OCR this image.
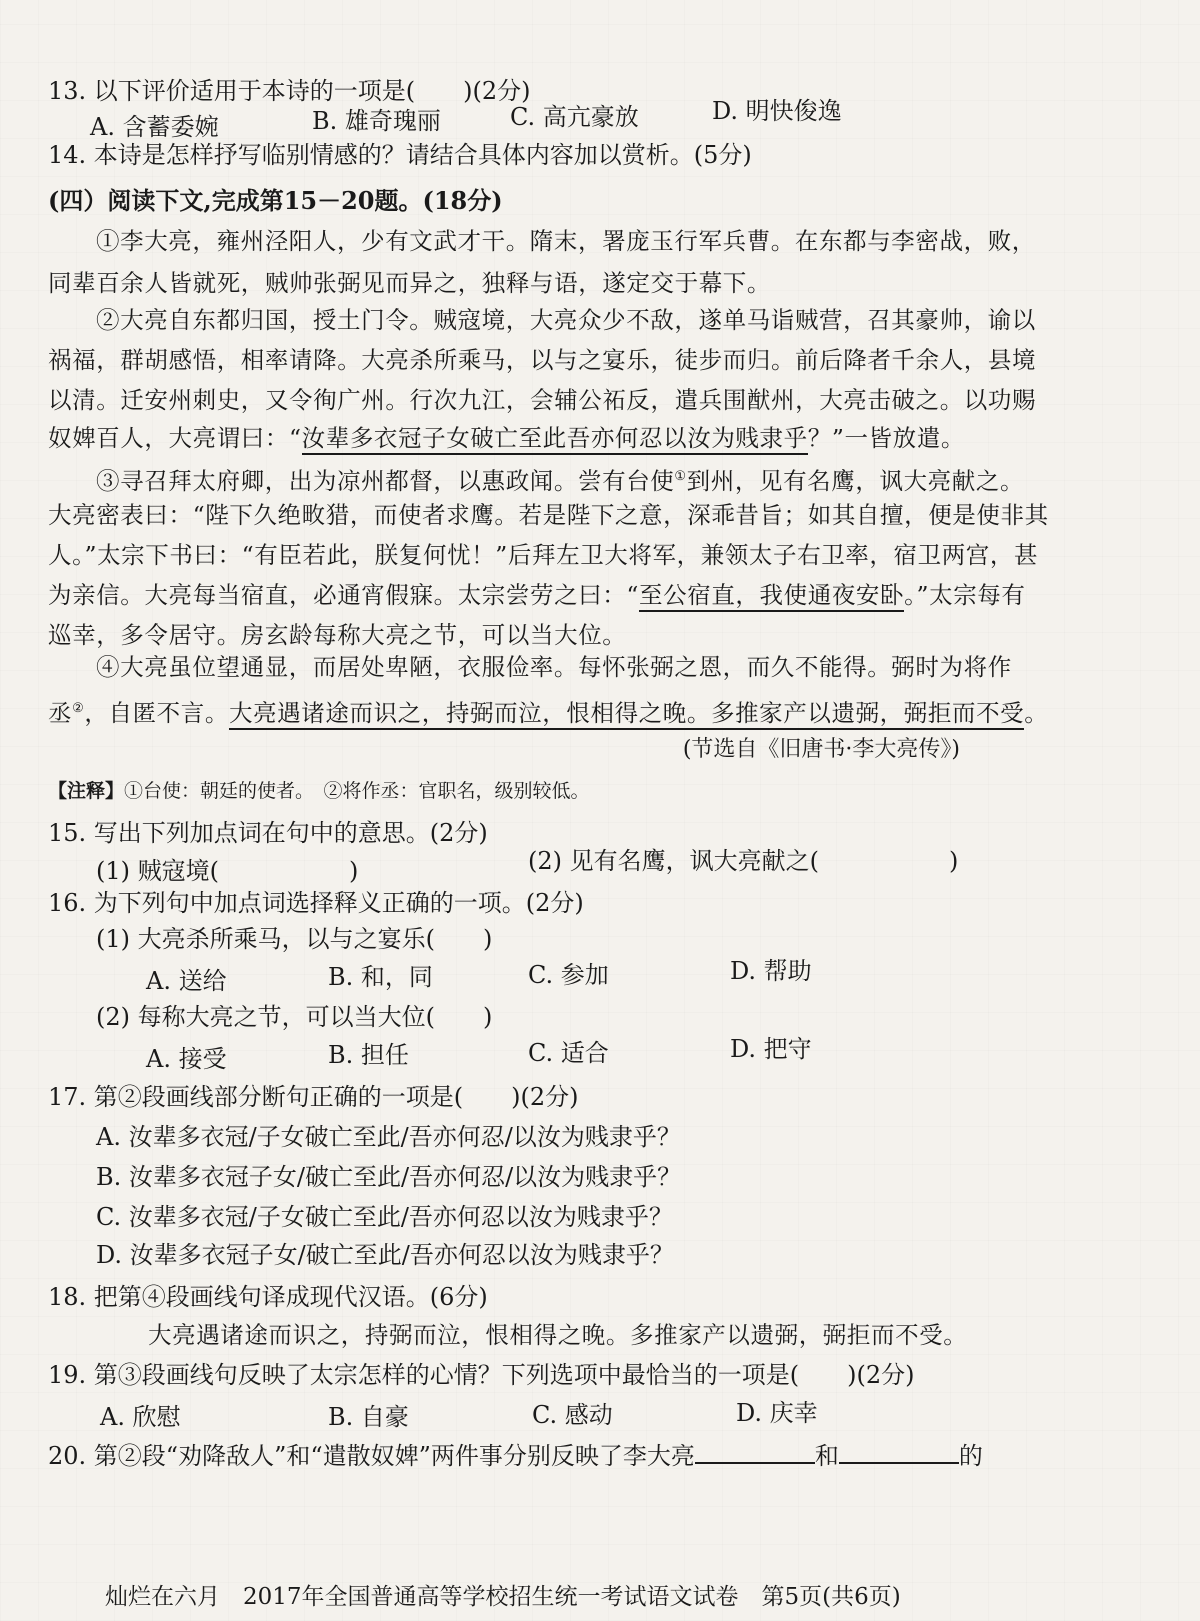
13. 以下评价适用于本诗的一项是(　　)(2分)
A. 含蓄委婉	B. 雄奇瑰丽	C. 高亢豪放	D. 明快俊逸
14. 本诗是怎样抒写临别情感的？请结合具体内容加以赏析。(5分)
(四）阅读下文,完成第15－20题。(18分)
①李大亮，雍州泾阳人，少有文武才干。隋末，署庞玉行军兵曹。在东都与李密战，败，
同辈百余人皆就死，贼帅张弼见而异之，独释与语，遂定交于幕下。
②大亮自东都归国，授土门令。贼寇境，大亮众少不敌，遂单马诣贼营，召其豪帅，谕以
祸福，群胡感悟，相率请降。大亮杀所乘马，以与之宴乐，徒步而归。前后降者千余人，县境
以清。迁安州刺史，又令徇广州。行次九江，会辅公祏反，遣兵围猷州，大亮击破之。以功赐
奴婢百人，大亮谓曰：“汝辈多衣冠子女破亡至此吾亦何忍以汝为贱隶乎？”一皆放遣。
③寻召拜太府卿，出为凉州都督，以惠政闻。尝有台使①到州，见有名鹰，讽大亮献之。
大亮密表曰：“陛下久绝畋猎，而使者求鹰。若是陛下之意，深乖昔旨；如其自擅，便是使非其
人。”太宗下书曰：“有臣若此，朕复何忧！”后拜左卫大将军，兼领太子右卫率，宿卫两宫，甚
为亲信。大亮每当宿直，必通宵假寐。太宗尝劳之曰：“至公宿直，我使通夜安卧。”太宗每有
巡幸，多令居守。房玄龄每称大亮之节，可以当大位。
④大亮虽位望通显，而居处卑陋，衣服俭率。每怀张弼之恩，而久不能得。弼时为将作
丞②，自匿不言。大亮遇诸途而识之，持弼而泣，恨相得之晚。多推家产以遗弼，弼拒而不受。
(节选自《旧唐书·李大亮传》)
【注释】①台使：朝廷的使者。　②将作丞：官职名，级别较低。
15. 写出下列加点词在句中的意思。(2分)
(1) 贼寇境(	)	(2) 见有名鹰，讽大亮献之(	)
16. 为下列句中加点词选择释义正确的一项。(2分)
(1) 大亮杀所乘马，以与之宴乐(　　)
A. 送给	B. 和，同	C. 参加	D. 帮助
(2) 每称大亮之节，可以当大位(　　)
A. 接受	B. 担任	C. 适合	D. 把守
17. 第②段画线部分断句正确的一项是(　　)(2分)
A. 汝辈多衣冠/子女破亡至此/吾亦何忍/以汝为贱隶乎？
B. 汝辈多衣冠子女/破亡至此/吾亦何忍/以汝为贱隶乎？
C. 汝辈多衣冠/子女破亡至此/吾亦何忍以汝为贱隶乎？
D. 汝辈多衣冠子女/破亡至此/吾亦何忍以汝为贱隶乎？
18. 把第④段画线句译成现代汉语。(6分)
大亮遇诸途而识之，持弼而泣，恨相得之晚。多推家产以遗弼，弼拒而不受。
19. 第③段画线句反映了太宗怎样的心情？下列选项中最恰当的一项是(　　)(2分)
A. 欣慰	B. 自豪	C. 感动	D. 庆幸
20. 第②段“劝降敌人”和“遣散奴婢”两件事分别反映了李大亮	和	的
灿烂在六月　2017年全国普通高等学校招生统一考试语文试卷　第5页(共6页)
